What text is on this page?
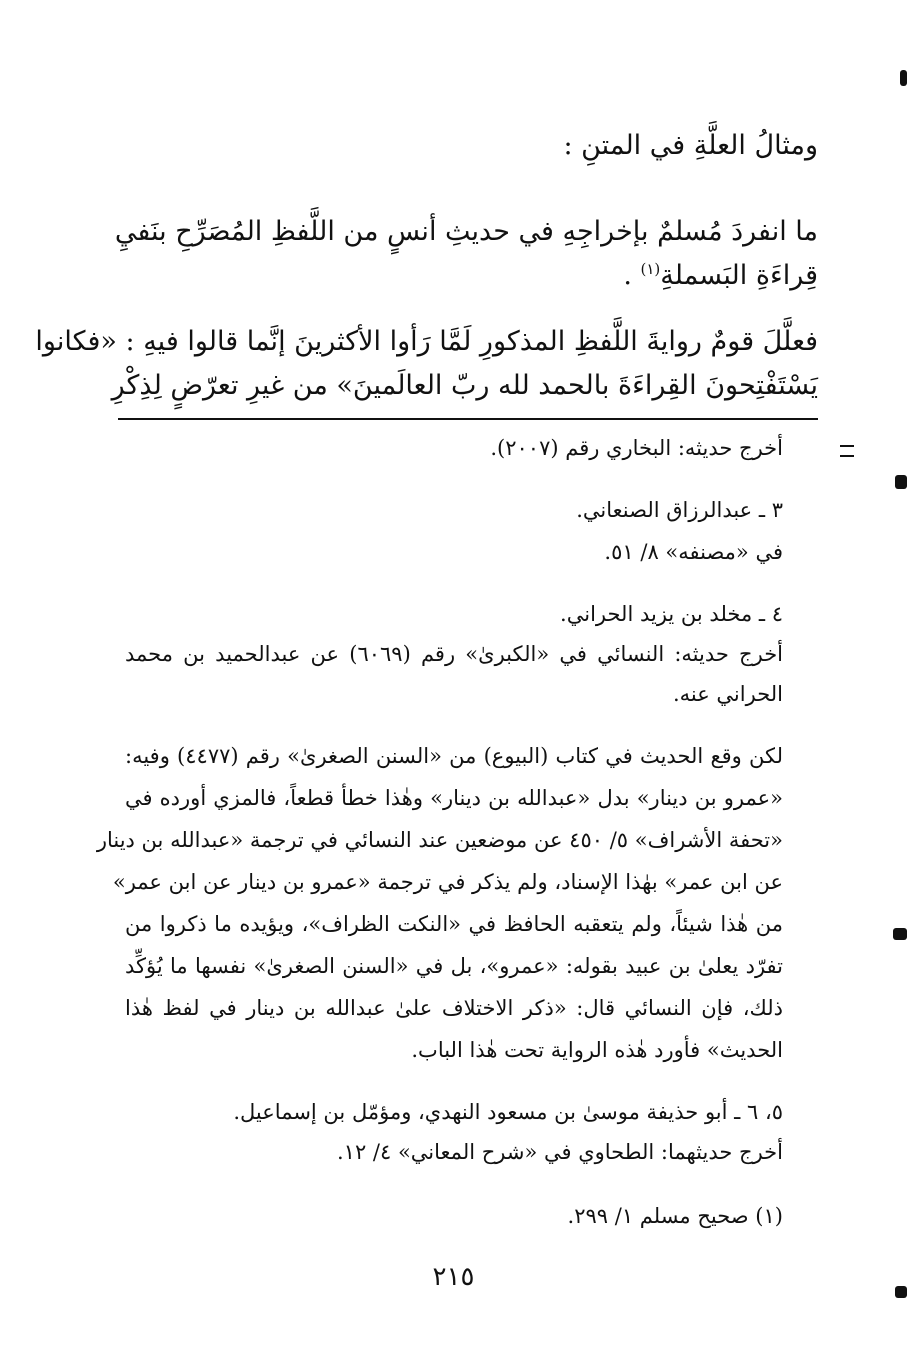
ومثالُ العلَّةِ في المتنِ :
ما انفردَ مُسلمٌ بإخراجِهِ في حديثِ أنسٍ من اللَّفظِ المُصَرِّحِ بنَفيِ
قِراءَةِ البَسملةِ$^{(١)}$ .
فعلَّلَ قومٌ روايةَ اللَّفظِ المذكورِ لَمَّا رَأوا الأكثرينَ إنَّما قالوا فيهِ : «فكانوا
يَسْتَفْتِحونَ القِراءَةَ بالحمد لله ربّ العالَمينَ» من غيرِ تعرّضٍ لِذِكْرِ
أخرج حديثه: البخاري رقم (٢٠٠٧).
٣ ـ عبدالرزاق الصنعاني.
في «مصنفه» ٨/ ٥١.
٤ ـ مخلد بن يزيد الحراني.
أخرج حديثه: النسائي في «الكبرىٰ» رقم (٦٠٦٩) عن عبدالحميد بن محمد
الحراني عنه.
لكن وقع الحديث في كتاب (البيوع) من «السنن الصغرىٰ» رقم (٤٤٧٧) وفيه:
«عمرو بن دينار» بدل «عبدالله بن دينار» وهٰذا خطأ قطعاً، فالمزي أورده في
«تحفة الأشراف» ٥/ ٤٥٠ عن موضعين عند النسائي في ترجمة «عبدالله بن دينار
عن ابن عمر» بهٰذا الإسناد، ولم يذكر في ترجمة «عمرو بن دينار عن ابن عمر»
من هٰذا شيئاً، ولم يتعقبه الحافظ في «النكت الظراف»، ويؤيده ما ذكروا من
تفرّد يعلىٰ بن عبيد بقوله: «عمرو»، بل في «السنن الصغرىٰ» نفسها ما يُؤكِّد
ذلك، فإن النسائي قال: «ذكر الاختلاف علىٰ عبدالله بن دينار في لفظ هٰذا
الحديث» فأورد هٰذه الرواية تحت هٰذا الباب.
٥، ٦ ـ أبو حذيفة موسىٰ بن مسعود النهدي، ومؤمّل بن إسماعيل.
أخرج حديثهما: الطحاوي في «شرح المعاني» ٤/ ١٢.
(١) صحيح مسلم ١/ ٢٩٩.
٢١٥
